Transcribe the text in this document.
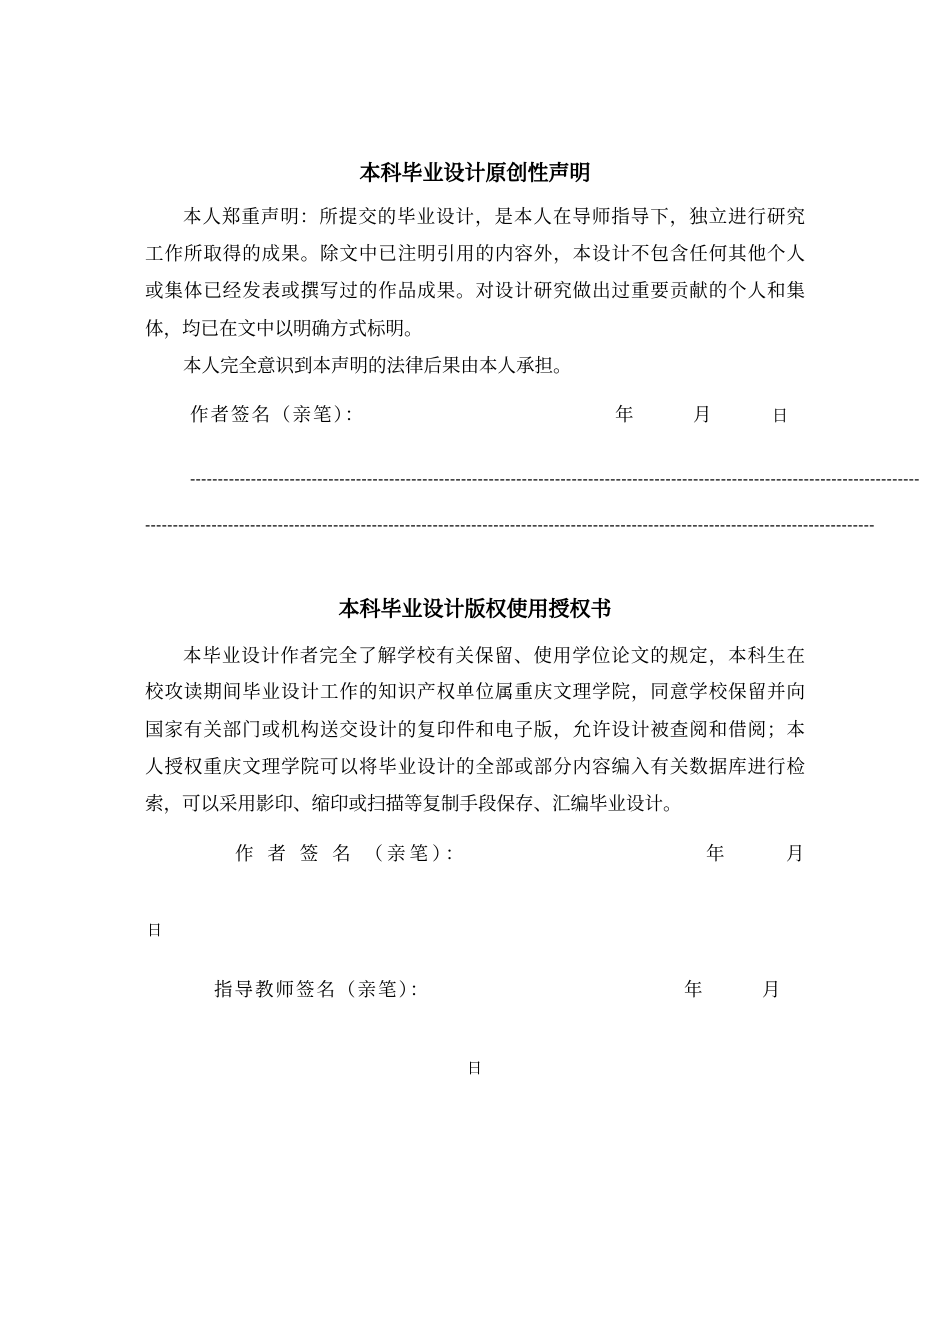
本科毕业设计原创性声明
本人郑重声明：所提交的毕业设计，是本人在导师指导下，独立进行研究
工作所取得的成果。除文中已注明引用的内容外，本设计不包含任何其他个人
或集体已经发表或撰写过的作品成果。对设计研究做出过重要贡献的个人和集
体，均已在文中以明确方式标明。
本人完全意识到本声明的法律后果由本人承担。
作者签名（亲笔）：	年	月	日
------------------------------------------------------------------------------------------------------------------------------------
------------------------------------------------------------------------------------------------------------------------------------
本科毕业设计版权使用授权书
本毕业设计作者完全了解学校有关保留、使用学位论文的规定，本科生在
校攻读期间毕业设计工作的知识产权单位属重庆文理学院，同意学校保留并向
国家有关部门或机构送交设计的复印件和电子版，允许设计被查阅和借阅；本
人授权重庆文理学院可以将毕业设计的全部或部分内容编入有关数据库进行检
索，可以采用影印、缩印或扫描等复制手段保存、汇编毕业设计。
作 者 签 名 （亲笔）：	年	月
日
指导教师签名（亲笔）：	年	月
日
